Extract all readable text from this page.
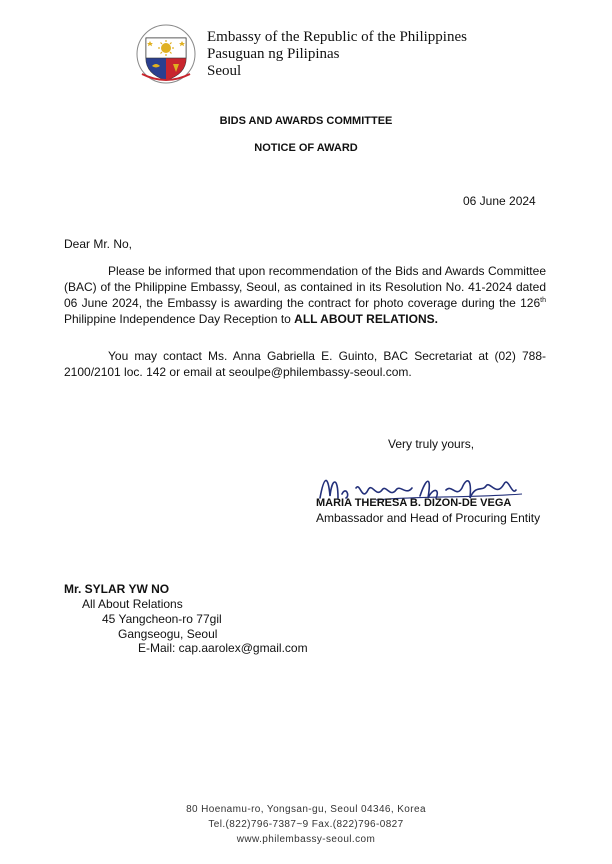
Embassy of the Republic of the Philippines
Pasuguan ng Pilipinas
Seoul
BIDS AND AWARDS COMMITTEE
NOTICE OF AWARD
06 June 2024
Dear Mr. No,
Please be informed that upon recommendation of the Bids and Awards Committee (BAC) of the Philippine Embassy, Seoul, as contained in its Resolution No. 41-2024 dated 06 June 2024, the Embassy is awarding the contract for photo coverage during the 126th Philippine Independence Day Reception to ALL ABOUT RELATIONS.
You may contact Ms. Anna Gabriella E. Guinto, BAC Secretariat at (02) 788-2100/2101 loc. 142 or email at seoulpe@philembassy-seoul.com.
Very truly yours,
MARIA THERESA B. DIZON-DE VEGA
Ambassador and Head of Procuring Entity
Mr. SYLAR YW NO
All About Relations
45 Yangcheon-ro 77gil
Gangseogu, Seoul
E-Mail: cap.aarolex@gmail.com
80 Hoenamu-ro, Yongsan-gu, Seoul 04346, Korea
Tel.(822)796-7387~9 Fax.(822)796-0827
www.philembassy-seoul.com
